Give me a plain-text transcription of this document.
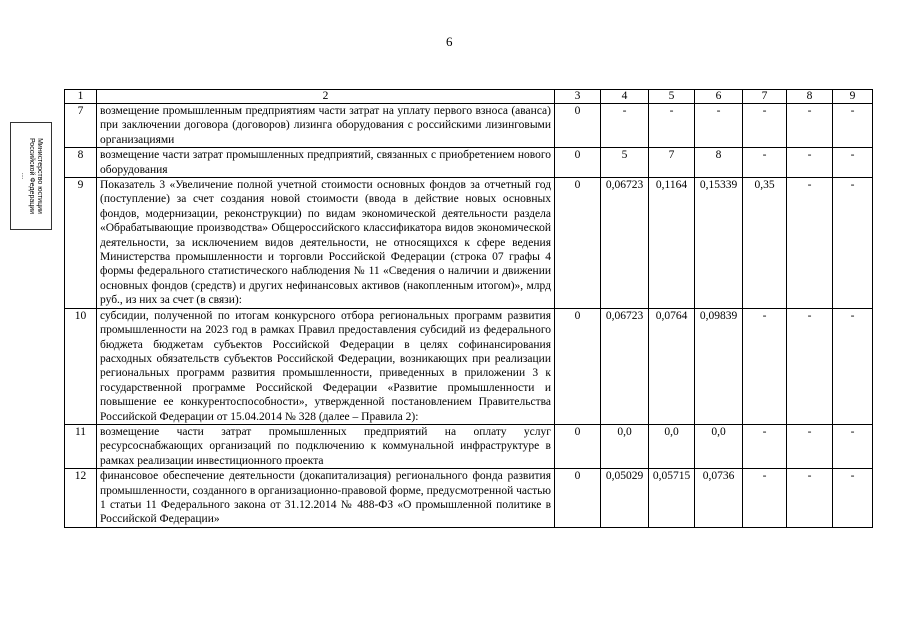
6
Министерство юстиции
Российской Федерации
…
1	2	3	4	5	6	7	8	9
7	возмещение промышленным предприятиям части затрат на уплату первого взноса (аванса) при заключении договора (договоров) лизинга оборудования с российскими лизинговыми организациями	0	-	-	-	-	-	-
8	возмещение части затрат промышленных предприятий, связанных с приобретением нового оборудования	0	5	7	8	-	-	-
9	Показатель 3 «Увеличение полной учетной стоимости основных фондов за отчетный год (поступление) за счет создания новой стоимости (ввода в действие новых основных фондов, модернизации, реконструкции) по видам экономической деятельности раздела «Обрабатывающие производства» Общероссийского классификатора видов экономической деятельности, за исключением видов деятельности, не относящихся к сфере ведения Министерства промышленности и торговли Российской Федерации (строка 07 графы 4 формы федерального статистического наблюдения № 11 «Сведения о наличии и движении основных фондов (средств) и других нефинансовых активов (накопленным итогом)», млрд руб., из них за счет (в связи):	0	0,06723	0,1164	0,15339	0,35	-	-
10	субсидии, полученной по итогам конкурсного отбора региональных программ развития промышленности на 2023 год в рамках Правил предоставления субсидий из федерального бюджета бюджетам субъектов Российской Федерации в целях софинансирования расходных обязательств субъектов Российской Федерации, возникающих при реализации региональных программ развития промышленности, приведенных в приложении 3 к государственной программе Российской Федерации «Развитие промышленности и повышение ее конкурентоспособности», утвержденной постановлением Правительства Российской Федерации от 15.04.2014 № 328 (далее – Правила 2):	0	0,06723	0,0764	0,09839	-	-	-
11	возмещение части затрат промышленных предприятий на оплату услуг ресурсоснабжающих организаций по подключению к коммунальной инфраструктуре в рамках реализации инвестиционного проекта	0	0,0	0,0	0,0	-	-	-
12	финансовое обеспечение деятельности (докапитализация) регионального фонда развития промышленности, созданного в организационно-правовой форме, предусмотренной частью 1 статьи 11 Федерального закона от 31.12.2014 № 488-ФЗ «О промышленной политике в Российской Федерации»	0	0,05029	0,05715	0,0736	-	-	-
